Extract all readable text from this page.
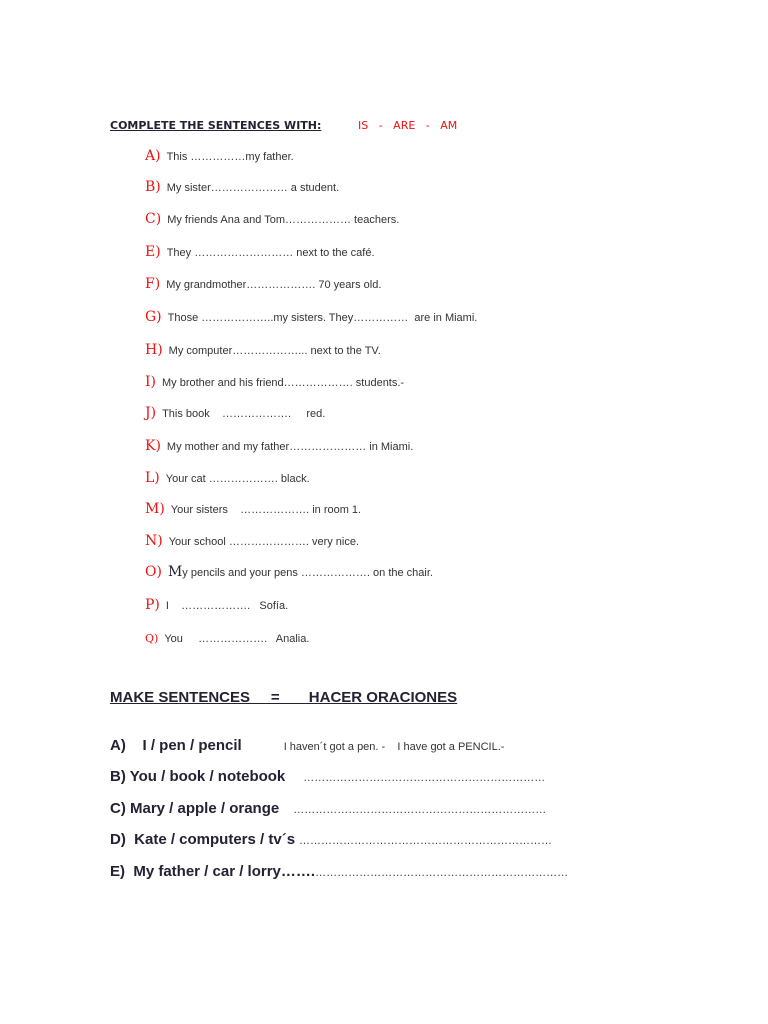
COMPLETE THE SENTENCES WITH:	IS   -   ARE   -   AM
A) This ……………my father.
B) My sister………………… a student.
C) My friends Ana and Tom……………… teachers.
E) They ……………………… next to the café.
F) My grandmother………………. 70 years old.
G) Those ………………..my sisters. They……………  are in Miami.
H) My computer………………... next to the TV.
I) My brother and his friend………………. students.-
J) This book    ……………….     red.
K) My mother and my father………………… in Miami.
L) Your cat ………………. black.
M) Your sisters    ………………. in room 1.
N) Your school …………………. very nice.
O) My pencils and your pens ………………. on the chair.
P) I    ……………….   Sofía.
Q) You     ……………….   Analia.
MAKE SENTENCES     =       HACER ORACIONES
A)    I / pen / pencil	I haven´t got a pen. -    I have got a PENCIL.-
B) You / book / notebook …………………………………………………………
C) Mary / apple / orange ……………………………………………………………
D)  Kate / computers / tv´s ……………………………………………………………
E)  My father / car / lorry…….……………………………………………………………
